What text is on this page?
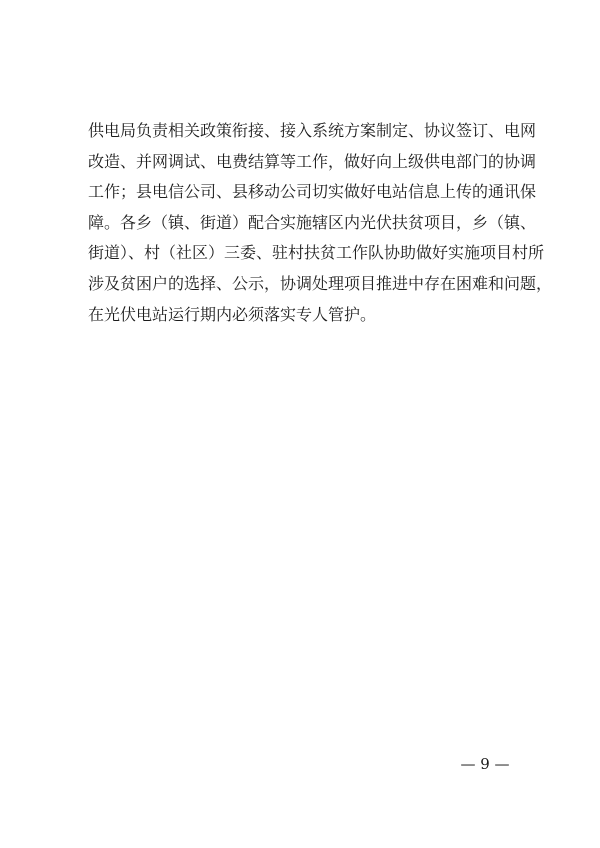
供电局负责相关政策衔接、接入系统方案制定、协议签订、电网
改造、并网调试、电费结算等工作，做好向上级供电部门的协调
工作；县电信公司、县移动公司切实做好电站信息上传的通讯保
障。各乡（镇、街道）配合实施辖区内光伏扶贫项目，乡（镇、
街道）、村（社区）三委、驻村扶贫工作队协助做好实施项目村所
涉及贫困户的选择、公示，协调处理项目推进中存在困难和问题，
在光伏电站运行期内必须落实专人管护。
— 9 —
